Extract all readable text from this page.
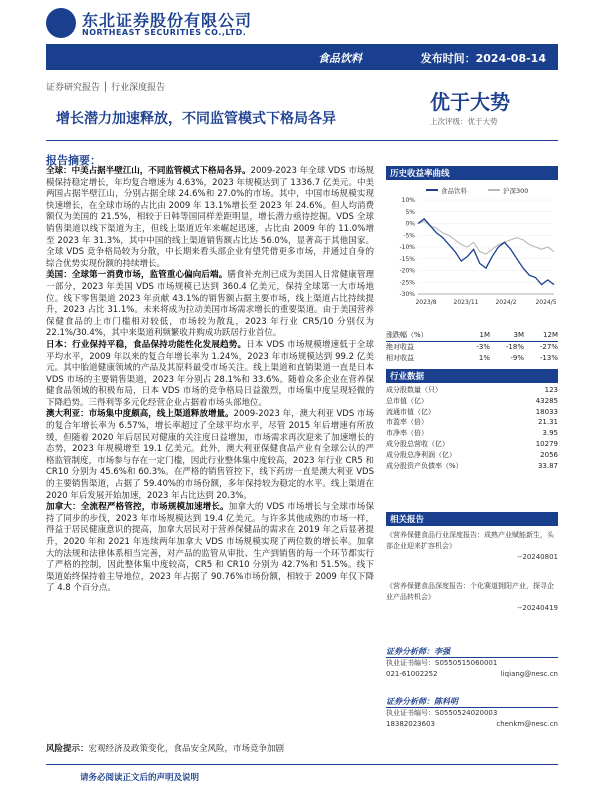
东北证券股份有限公司
NORTHEAST SECURITIES CO.,LTD.
食品饮料	发布时间：2024-08-14
证券研究报告 │ 行业深度报告
增长潜力加速释放，不同监管模式下格局各异
优于大势
上次评级：优于大势
报告摘要：

全球：中美占据半壁江山，不同监管模式下格局各异。2009-2023 年全球 VDS 市场规模保持稳定增长，年均复合增速为 4.63%，2023 年规模达到了 1336.7 亿美元。中美两国占据半壁江山，分别占据全球 24.6%和 27.0%的市场。其中，中国市场规模实现快速增长，在全球市场的占比由 2009 年 13.1%增长至 2023 年 24.6%。但人均消费额仅为美国的 21.5%，相较于日韩等国同样差距明显，增长潜力亟待挖掘。VDS 全球销售渠道以线下渠道为主，但线上渠道近年来崛起迅速，占比由 2009 年的 11.0%增至 2023 年 31.3%，其中中国的线上渠道销售额占比达 56.0%，显著高于其他国家。全球 VDS 竞争格局较为分散，中长期来看头部企业有望凭借更多市场，并通过自身的综合优势实现份额的持续增长。

美国：全球第一消费市场，监管重心偏向后端。膳食补充剂已成为美国人日常健康管理一部分，2023 年美国 VDS 市场规模已达到 360.4 亿美元，保持全球第一大市场地位。线下零售渠道 2023 年贡献 43.1%的销售额占据主要市场，线上渠道占比持续提升，2023 占比 31.1%。未来将成为拉动美国市场需求增长的重要渠道。由于美国营养保健食品的上市门槛相对较低，市场较为散乱，2023 年行业 CR5/10 分别仅为 22.1%/30.4%，其中来渠道利频繁收并购成功跃居行业首位。

日本：行业保持平稳，食品保持功能性化发展趋势。日本 VDS 市场规模增速低于全球平均水平，2009 年以来的复合年增长率为 1.24%，2023 年市场规模达到 99.2 亿美元。其中胎道健康领域的产品及其原料最受市场关注。线上渠道和直销渠道一直是日本 VDS 市场的主要销售渠道，2023 年分别占 28.1%和 33.6%。随着众多企业在营养保健食品领域的积极布局，日本 VDS 市场的竞争格局日益激烈，市场集中度呈现轻微的下降趋势。三得利等多元化经营企业占据着市场头部地位。

澳大利亚：市场集中度颇高，线上渠道释放增量。2009-2023 年，澳大利亚 VDS 市场的复合年增长率为 6.57%，增长率超过了全球平均水平，尽管 2015 年后增速有所放缓，但随着 2020 年后居民对健康的关注度日益增加，市场需求再次迎来了加速增长的态势，2023 年规模增至 19.1 亿美元。此外，澳大利亚保健食品产业有全球公认的严格监管制度，市场参与存在一定门槛，因此行业整体集中度较高，2023 年行业 CR5 和 CR10 分别为 45.6%和 60.3%。在严格的销售管控下，线下药房一直是澳大利亚 VDS 的主要销售渠道，占据了 59.40%的市场份额，多年保持较为稳定的水平。线上渠道在 2020 年后发展开始加速，2023 年占比达到 20.3%。

加拿大：全流程严格管控，市场规模加速增长。加拿大的 VDS 市场增长与全球市场保持了同步的步伐，2023 年市场规模达到 19.4 亿美元。与许多其他成熟的市场一样，得益于居民健康意识的提高，加拿大居民对于营养保健品的需求在 2019 年之后显著提升，2020 年和 2021 年连续两年加拿大 VDS 市场规模实现了两位数的增长率。加拿大的法规和法律体系相当完善，对产品的监管从审批、生产到销售的每一个环节都实行了严格的控制，因此整体集中度较高，CR5 和 CR10 分别为 42.7%和 51.5%。线下渠道始终保持着主导地位，2023 年占据了 90.76%市场份额，相较于 2009 年仅下降了 4.8 个百分点。

风险提示：宏观经济及政策变化，食品安全风险，市场竞争加剧
请务必阅读正文后的声明及说明
历史收益率曲线
食品饮料	沪深300
10%
5%
0%
-5%
-10%
-15%
-20%
-25%
-30%
2023/8	2023/11	2024/2	2024/5
涨跌幅（%）	1M	3M	12M
绝对收益	-3%	-18%	-27%
相对收益	1%	-9%	-13%
行业数据
成分股数量（只）	123
总市值（亿）	43285
流通市值（亿）	18033
市盈率（倍）	21.31
市净率（倍）	3.95
成分股总营收（亿）	10279
成分股总净利润（亿）	2056
成分股资产负债率（%）	33.87
相关报告
《营养保健食品行业深度报告：成熟产业赋能新生，头部企业迎来扩容机会》
--20240801
《营养保健食品深度报告：个化赛道拥阳产业，探寻企业产品转机会》
--20240419
证券分析师：李强
执业证书编号：S0550515060001
021-61002252	liqiang@nesc.cn
证券分析师：陈科明
执业证书编号：S0550524020003
18382023603	chenkm@nesc.cn
